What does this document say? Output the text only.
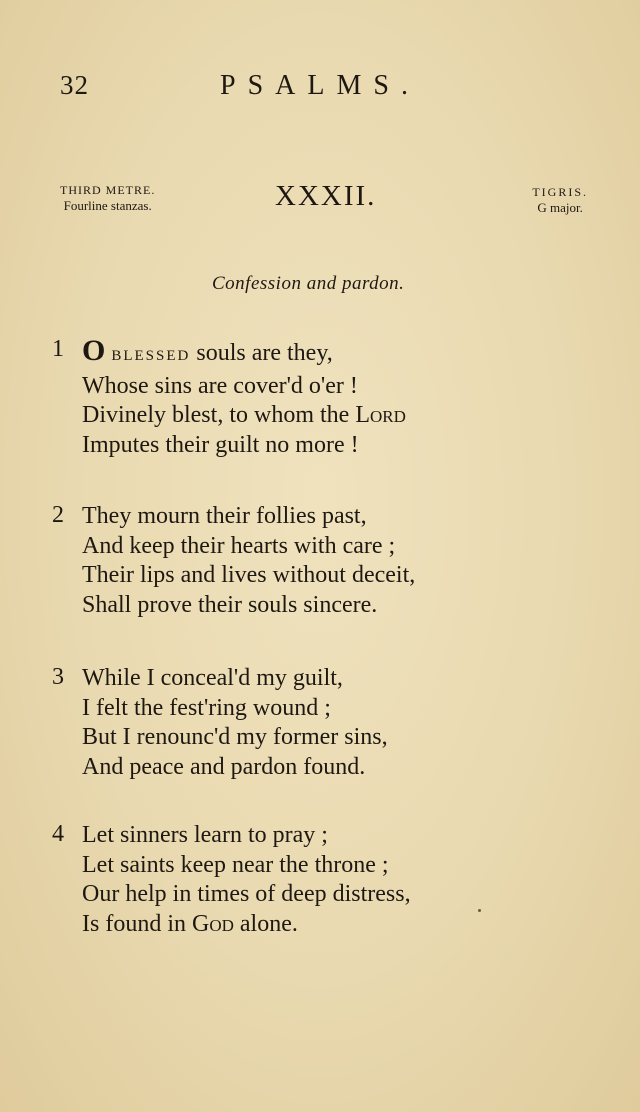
32	PSALMS.
THIRD METRE.
Fourline stanzas.	XXXII.	TIGRIS.
G major.
Confession and pardon.
1 O BLESSED souls are they,
Whose sins are cover'd o'er !
Divinely blest, to whom the Lord
Imputes their guilt no more !
2 They mourn their follies past,
And keep their hearts with care ;
Their lips and lives without deceit,
Shall prove their souls sincere.
3 While I conceal'd my guilt,
I felt the fest'ring wound ;
But I renounc'd my former sins,
And peace and pardon found.
4 Let sinners learn to pray ;
Let saints keep near the throne ;
Our help in times of deep distress,
Is found in God alone.
